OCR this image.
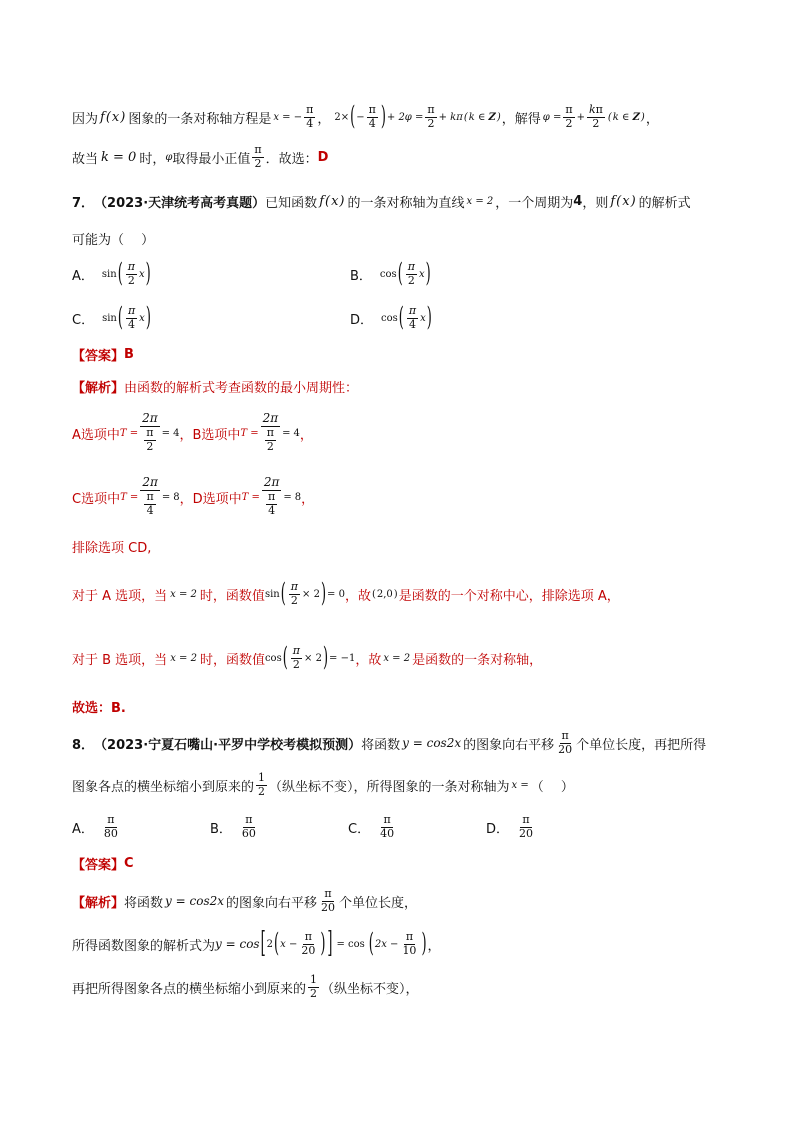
因为 f(x) 图象的一条对称轴方程是 x = − $\frac{\pi}{4}$ ， 2× ( − $\frac{\pi}{4}$ ) + $2\varphi = \frac{\pi}{2} + k\pi(k$ ∈ Z) ，解得 $\varphi = \frac{\pi}{2} + \frac{k\pi}{2} (k$ ∈ Z) ，
故当 k = 0 时， φ 取得最小正值 $\frac{\pi}{2}$ ．故选： D
7． （2023·天津统考高考真题） 已知函数 f(x) 的一条对称轴为直线 x = 2 ，一个周期为 4 ，则 f(x) 的解析式
可能为（　 ）
A． sin ( $\frac{\pi}{2}$ x )	B． cos ( $\frac{\pi}{2}$ x )
C． sin ( $\frac{\pi}{4}$ x )	D． cos ( $\frac{\pi}{4}$ x )
【答案】 B
【解析】 由函数的解析式考查函数的最小周期性：
A选项中 $T = \frac{2\pi}{\frac{\pi}{2}} = 4$ ， B选项中 $T = \frac{2\pi}{\frac{\pi}{2}} = 4$ ，
C选项中 $T = \frac{2\pi}{\frac{\pi}{4}} = 8$ ， D选项中 $T = \frac{2\pi}{\frac{\pi}{4}} = 8$ ，
排除选项 CD,
对于 A 选项，当 x = 2 时，函数值 sin ( $\frac{\pi}{2} \times 2$ ) = 0 ，故 (2,0) 是函数的一个对称中心，排除选项 A，
对于 B 选项，当 x = 2 时，函数值 cos ( $\frac{\pi}{2} \times 2$ ) = −1 ，故 x = 2 是函数的一条对称轴，
故选：B.
8． （2023·宁夏石嘴山·平罗中学校考模拟预测） 将函数 y = cos2x 的图象向右平移 $\frac{\pi}{20}$ 个单位长度，再把所得
图象各点的横坐标缩小到原来的 $\frac{1}{2}$ （纵坐标不变），所得图象的一条对称轴为 x = （　 ）
A． $\frac{\pi}{80}$	B． $\frac{\pi}{60}$	C． $\frac{\pi}{40}$	D． $\frac{\pi}{20}$
【答案】 C
【解析】 将函数 y = cos2x 的图象向右平移 $\frac{\pi}{20}$ 个单位长度，
所得函数图象的解析式为 y = cos [ 2 ( $x - \frac{\pi}{20}$ ) ] = cos ( $2x - \frac{\pi}{10}$ ) ，
再把所得图象各点的横坐标缩小到原来的 $\frac{1}{2}$ （纵坐标不变），
